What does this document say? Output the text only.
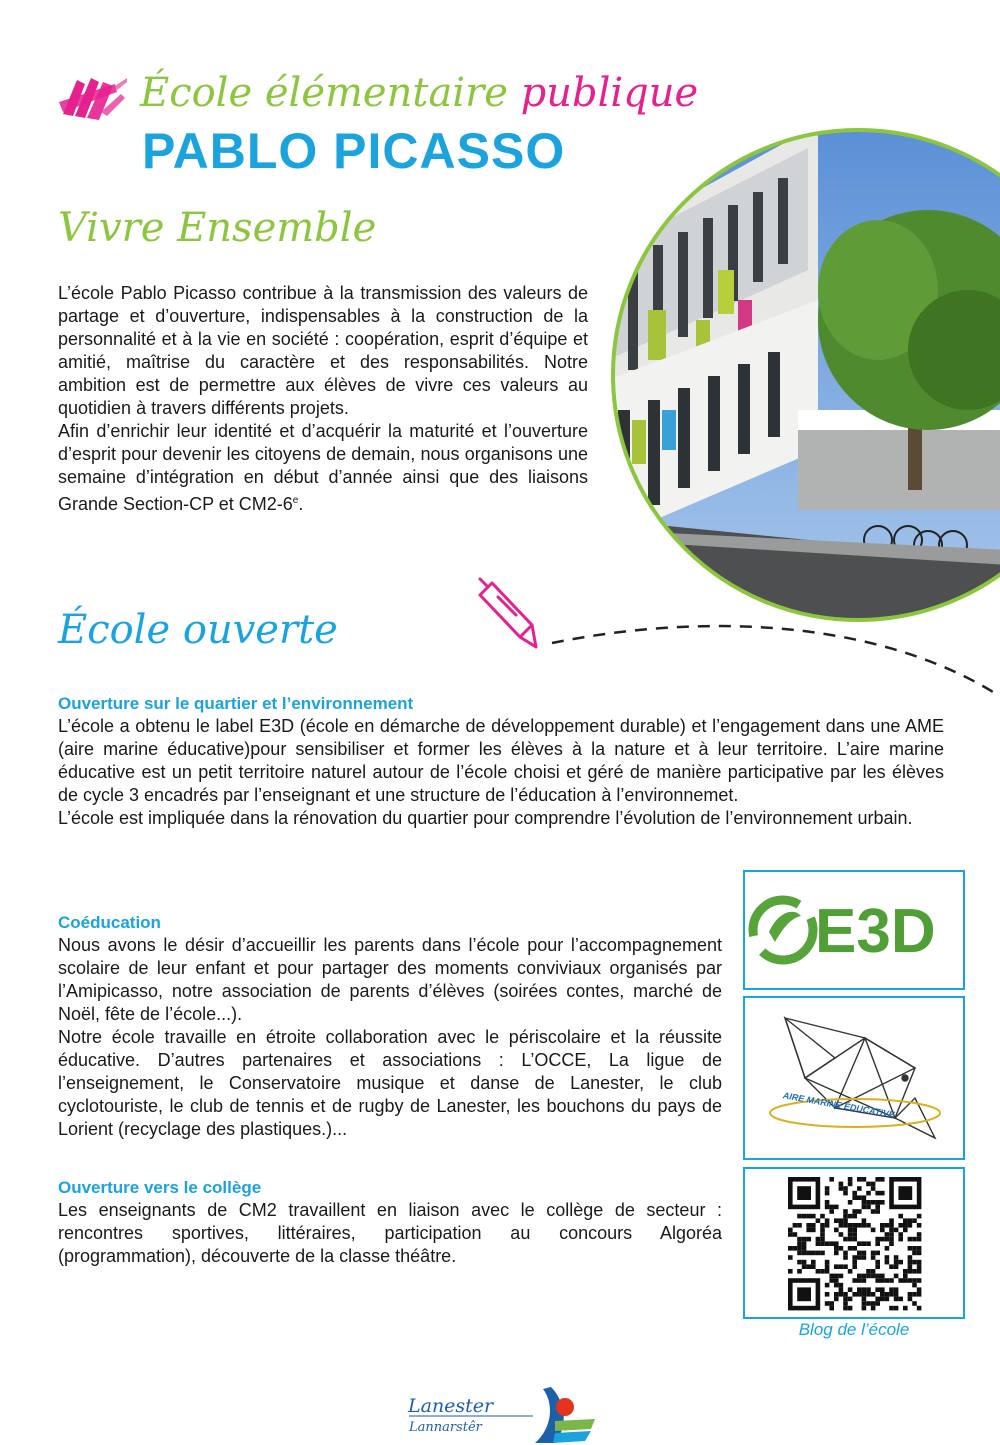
École élémentaire publique
PABLO PICASSO
Vivre Ensemble

L’école Pablo Picasso contribue à la transmission des valeurs de partage et d’ouverture, indispensables à la construction de la personnalité et à la vie en société : coopération, esprit d’équipe et amitié, maîtrise du caractère et des responsabilités. Notre ambition est de permettre aux élèves de vivre ces valeurs au quotidien à travers différents projets.

Afin d’enrichir leur identité et d’acquérir la maturité et l’ouverture d’esprit pour devenir les citoyens de demain, nous organisons une semaine d’intégration en début d’année ainsi que des liaisons Grande Section-CP et CM2-6e.

École ouverte

Ouverture sur le quartier et l’environnement

L’école a obtenu le label E3D (école en démarche de développement durable) et l’engagement dans une AME (aire marine éducative)pour sensibiliser et former les élèves à la nature et à leur territoire. L’aire marine éducative est un petit territoire naturel autour de l’école choisi et géré de manière participative par les élèves de cycle 3 encadrés par l’enseignant et une structure de l’éducation à l’environnemet.

L’école est impliquée dans la rénovation du quartier pour comprendre l’évolution de l’environnement urbain.

Coéducation

Nous avons le désir d’accueillir les parents dans l’école pour l’accompagnement scolaire de leur enfant et pour partager des moments conviviaux organisés par l’Amipicasso, notre association de parents d’élèves (soirées contes, marché de Noël, fête de l’école...).

Notre école travaille en étroite collaboration avec le périscolaire et la réussite éducative. D’autres partenaires et associations : L’OCCE, La ligue de l’enseignement, le Conservatoire musique et danse de Lanester, le club cyclotouriste, le club de tennis et de rugby de Lanester, les bouchons du pays de Lorient (recyclage des plastiques.)...

Ouverture vers le collège

Les enseignants de CM2 travaillent en liaison avec le collège de secteur : rencontres sportives, littéraires, participation au concours Algoréa (programmation), découverte de la classe théâtre.

E3D
AIRE MARINE ÉDUCATIVE
Blog de l’école
Lanester
Lannarstêr
